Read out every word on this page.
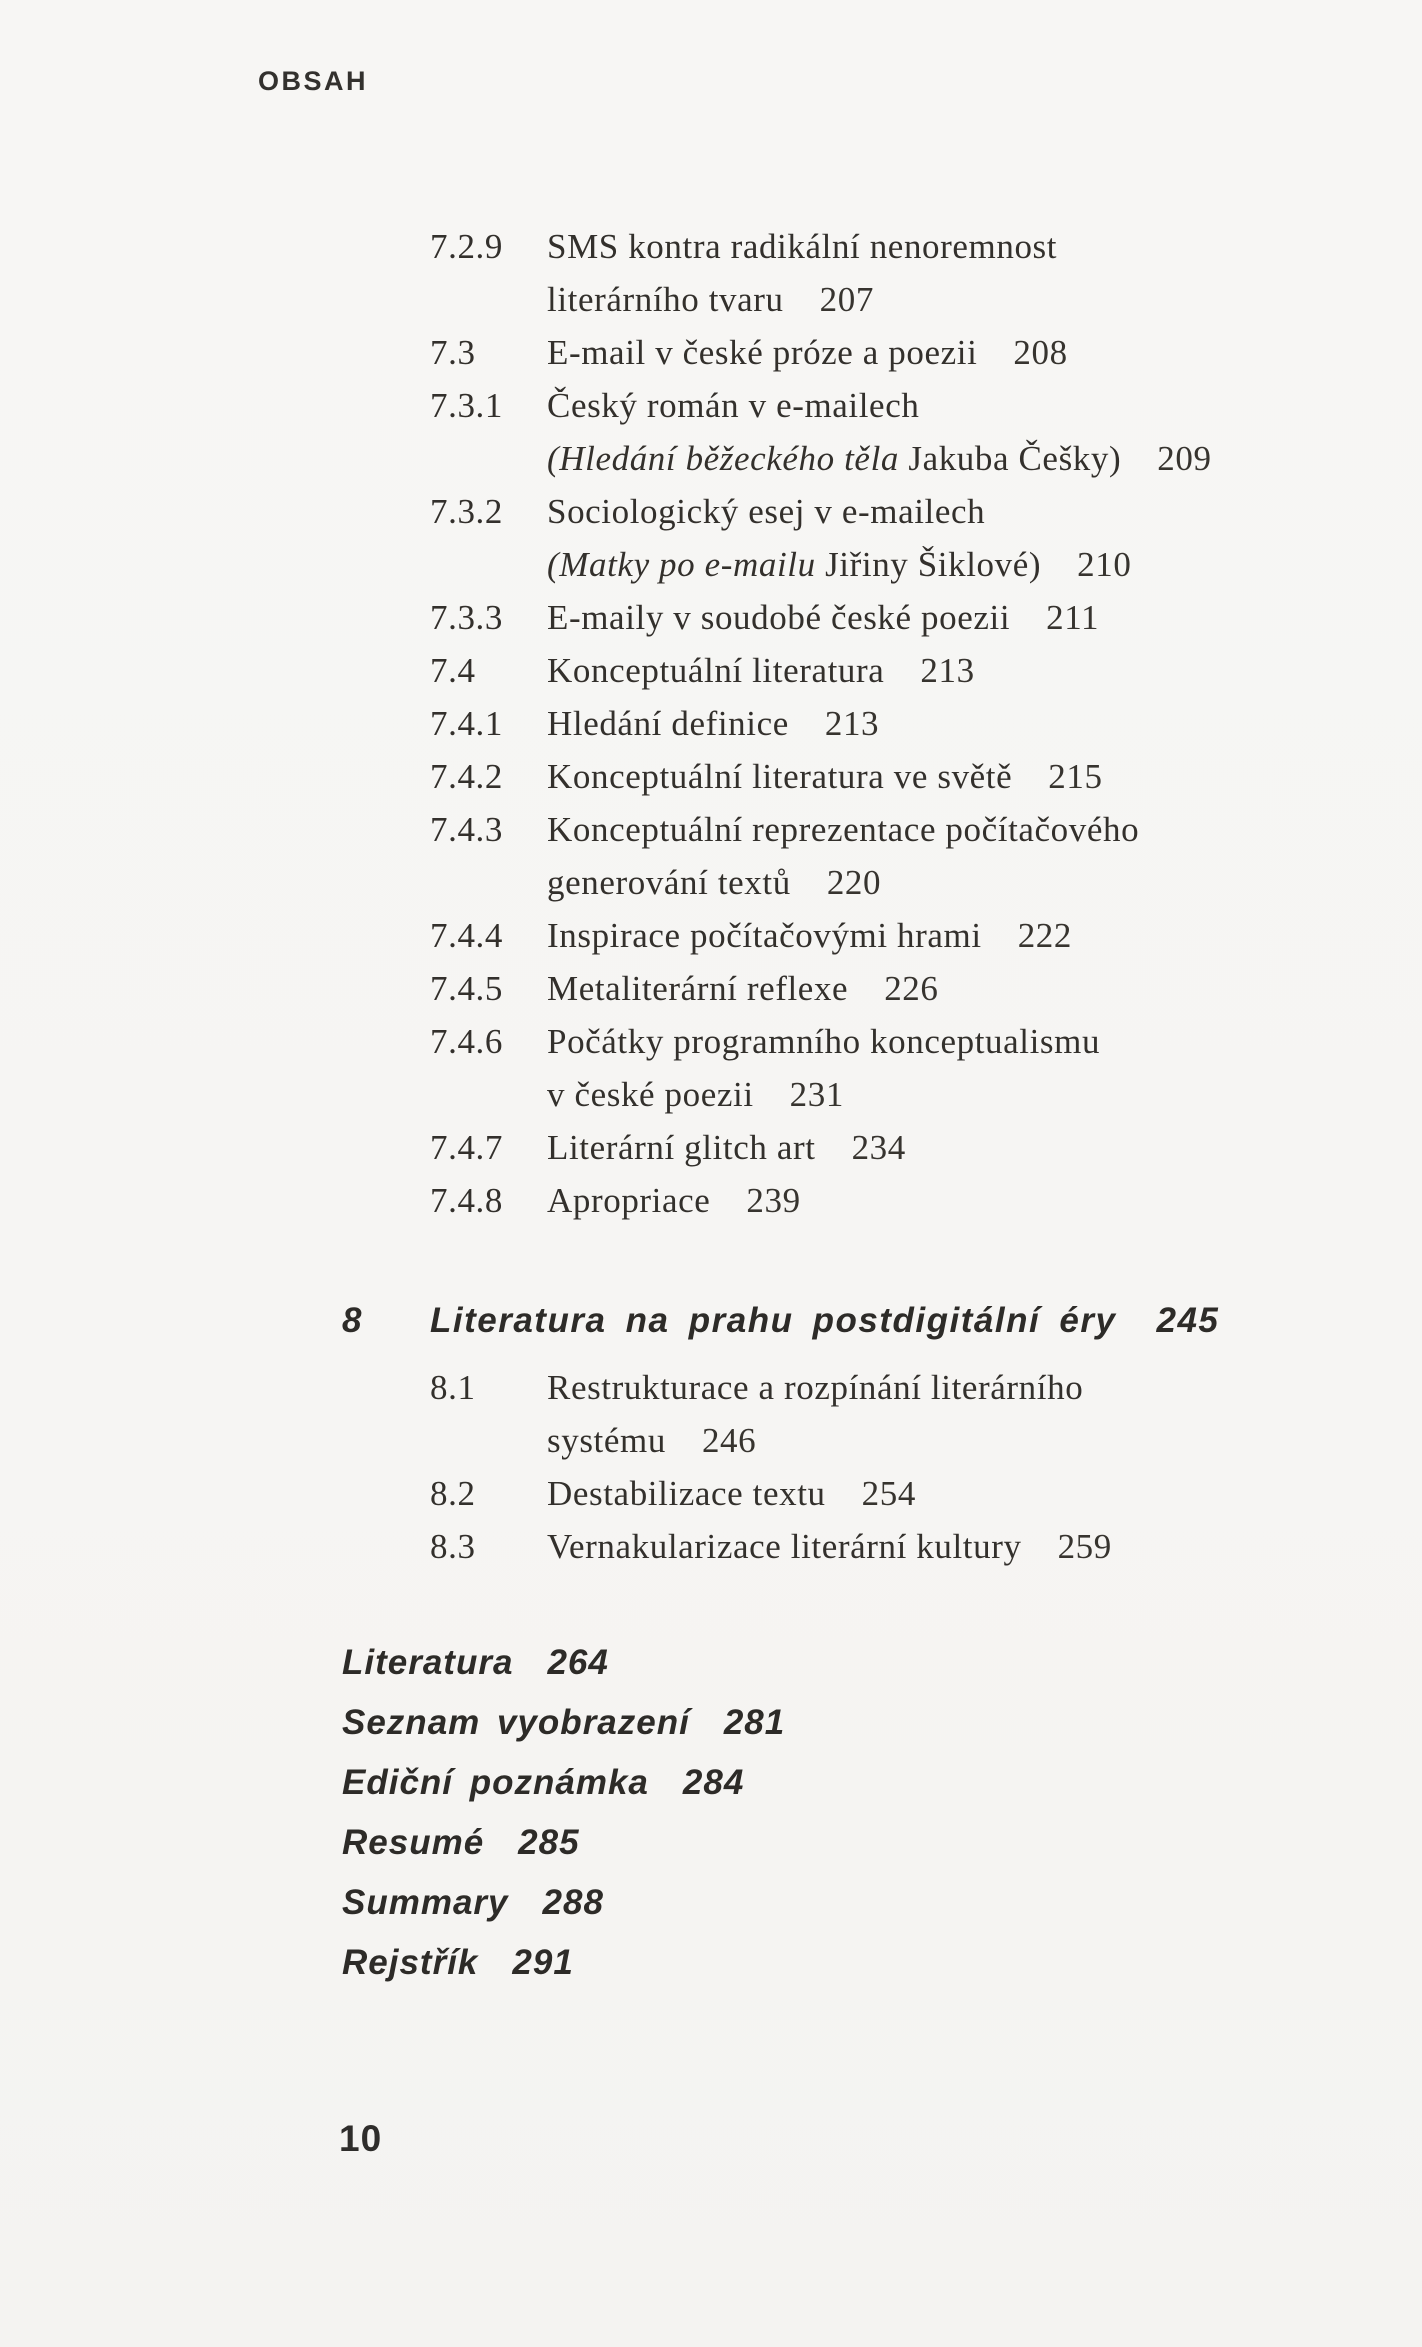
OBSAH
7.2.9	SMS kontra radikální nenoremnost
literárního tvaru 207
7.3	E-mail v české próze a poezii 208
7.3.1	Český román v e-mailech
(Hledání běžeckého těla Jakuba Češky) 209
7.3.2	Sociologický esej v e-mailech
(Matky po e-mailu Jiřiny Šiklové) 210
7.3.3	E-maily v soudobé české poezii 211
7.4	Konceptuální literatura 213
7.4.1	Hledání definice 213
7.4.2	Konceptuální literatura ve světě 215
7.4.3	Konceptuální reprezentace počítačového
generování textů 220
7.4.4	Inspirace počítačovými hrami 222
7.4.5	Metaliterární reflexe 226
7.4.6	Počátky programního konceptualismu
v české poezii 231
7.4.7	Literární glitch art 234
7.4.8	Apropriace 239
8 Literatura na prahu postdigitální éry 245
8.1	Restrukturace a rozpínání literárního
systému 246
8.2	Destabilizace textu 254
8.3	Vernakularizace literární kultury 259
Literatura 264
Seznam vyobrazení 281
Ediční poznámka 284
Resumé 285
Summary 288
Rejstřík 291
10
